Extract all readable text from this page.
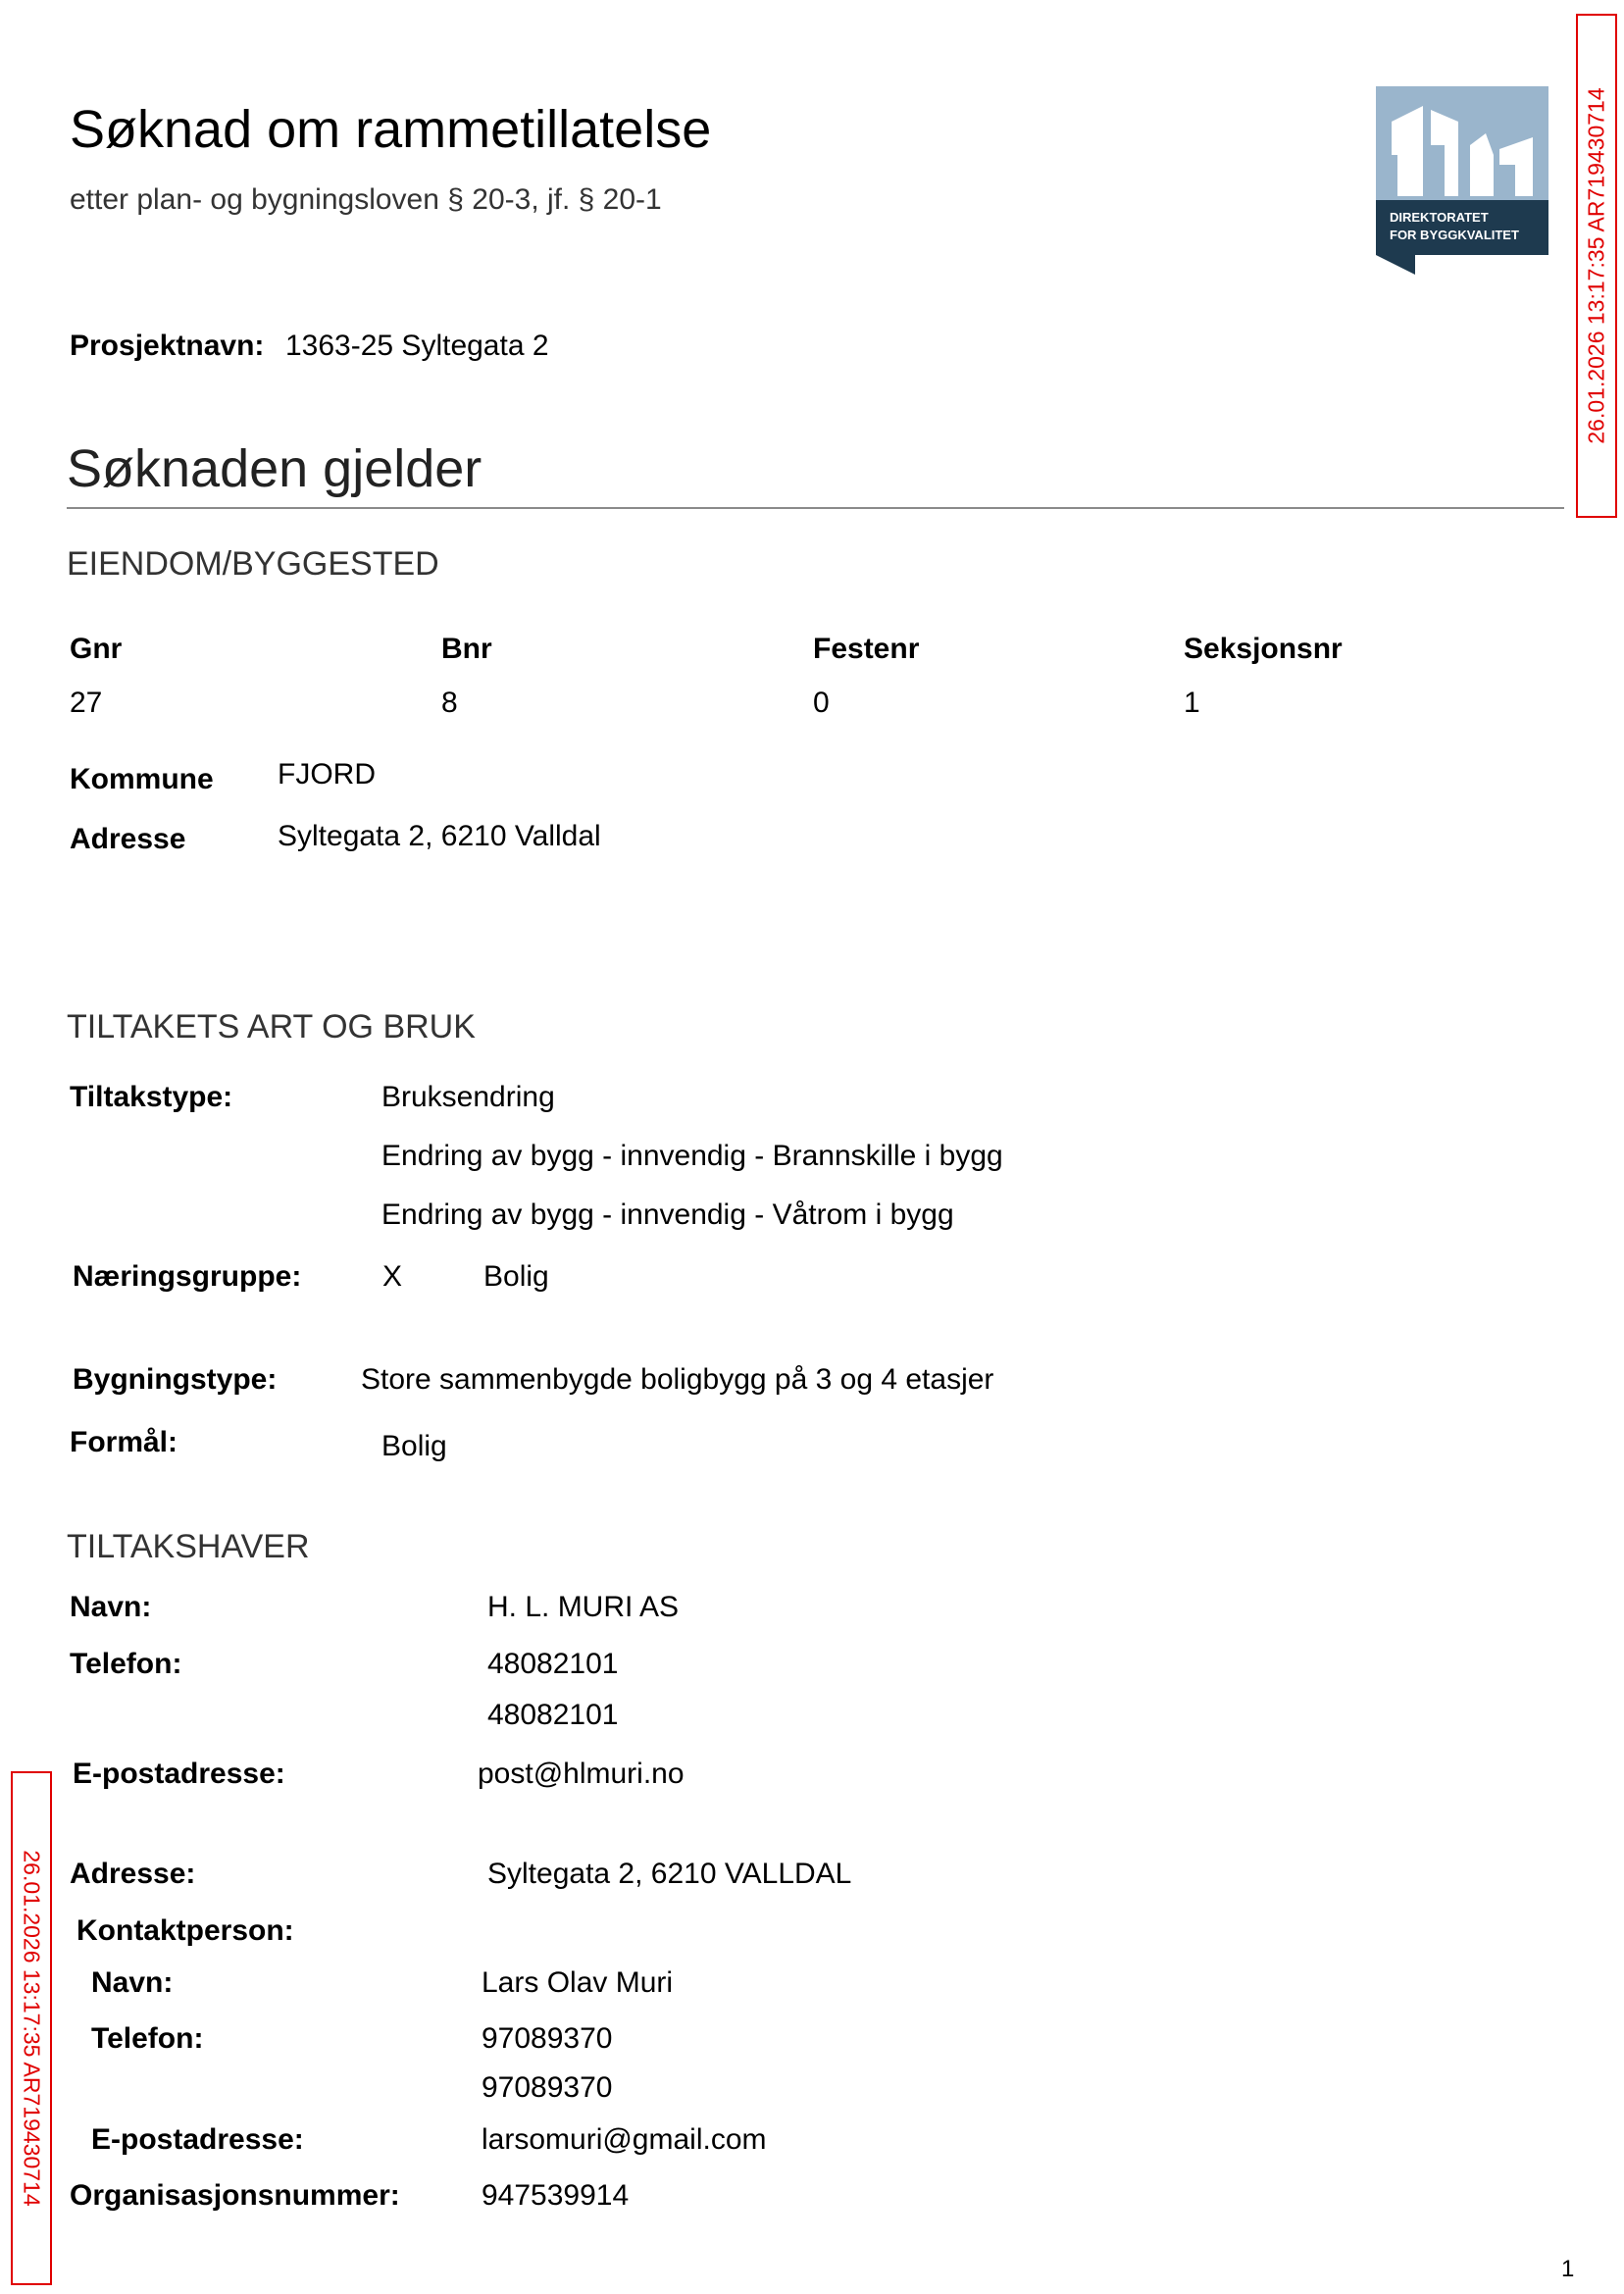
Søknad om rammetillatelse
etter plan- og bygningsloven § 20-3, jf. § 20-1
DIREKTORATET
FOR BYGGKVALITET	26.01.2026 13:17:35 AR719430714
26.01.2026 13:17:35 AR719430714
Prosjektnavn: 1363-25 Syltegata 2
Søknaden gjelder
EIENDOM/BYGGESTED
Gnr	Bnr	Festenr	Seksjonsnr
27	8	0	1
Kommune FJORD
Adresse	Syltegata 2, 6210 Valldal
TILTAKETS ART OG BRUK
Tiltakstype:	Bruksendring
Endring av bygg - innvendig - Brannskille i bygg
Endring av bygg - innvendig - Våtrom i bygg
Næringsgruppe:	X	Bolig
Bygningstype:	Store sammenbygde boligbygg på 3 og 4 etasjer
Formål:	Bolig
TILTAKSHAVER
Navn:	H. L. MURI AS
Telefon:	48082101
48082101
E-postadresse:	post@hlmuri.no
Adresse:	Syltegata 2, 6210 VALLDAL
Kontaktperson:
Navn:	Lars Olav Muri
Telefon:	97089370
97089370
E-postadresse:	larsomuri@gmail.com
Organisasjonsnummer:	947539914
1
